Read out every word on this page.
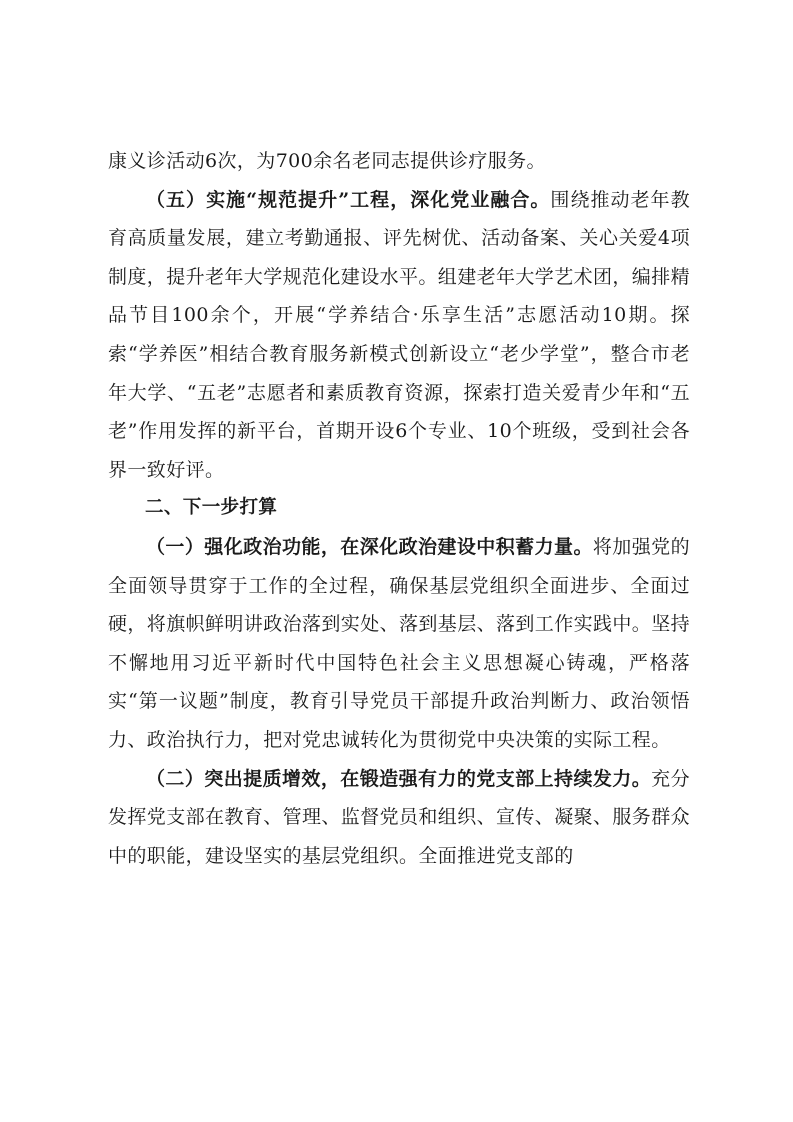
康义诊活动6次，为700余名老同志提供诊疗服务。

（五）实施“规范提升”工程，深化党业融合。围绕推动老年教育高质量发展，建立考勤通报、评先树优、活动备案、关心关爱4项制度，提升老年大学规范化建设水平。组建老年大学艺术团，编排精品节目100余个，开展“学养结合·乐享生活”志愿活动10期。探索“学养医”相结合教育服务新模式创新设立“老少学堂”，整合市老年大学、“五老”志愿者和素质教育资源，探索打造关爱青少年和“五老”作用发挥的新平台，首期开设6个专业、10个班级，受到社会各界一致好评。

二、下一步打算

（一）强化政治功能，在深化政治建设中积蓄力量。将加强党的全面领导贯穿于工作的全过程，确保基层党组织全面进步、全面过硬，将旗帜鲜明讲政治落到实处、落到基层、落到工作实践中。坚持不懈地用习近平新时代中国特色社会主义思想凝心铸魂，严格落实“第一议题”制度，教育引导党员干部提升政治判断力、政治领悟力、政治执行力，把对党忠诚转化为贯彻党中央决策的实际工程。

（二）突出提质增效，在锻造强有力的党支部上持续发力。充分发挥党支部在教育、管理、监督党员和组织、宣传、凝聚、服务群众中的职能，建设坚实的基层党组织。全面推进党支部的
